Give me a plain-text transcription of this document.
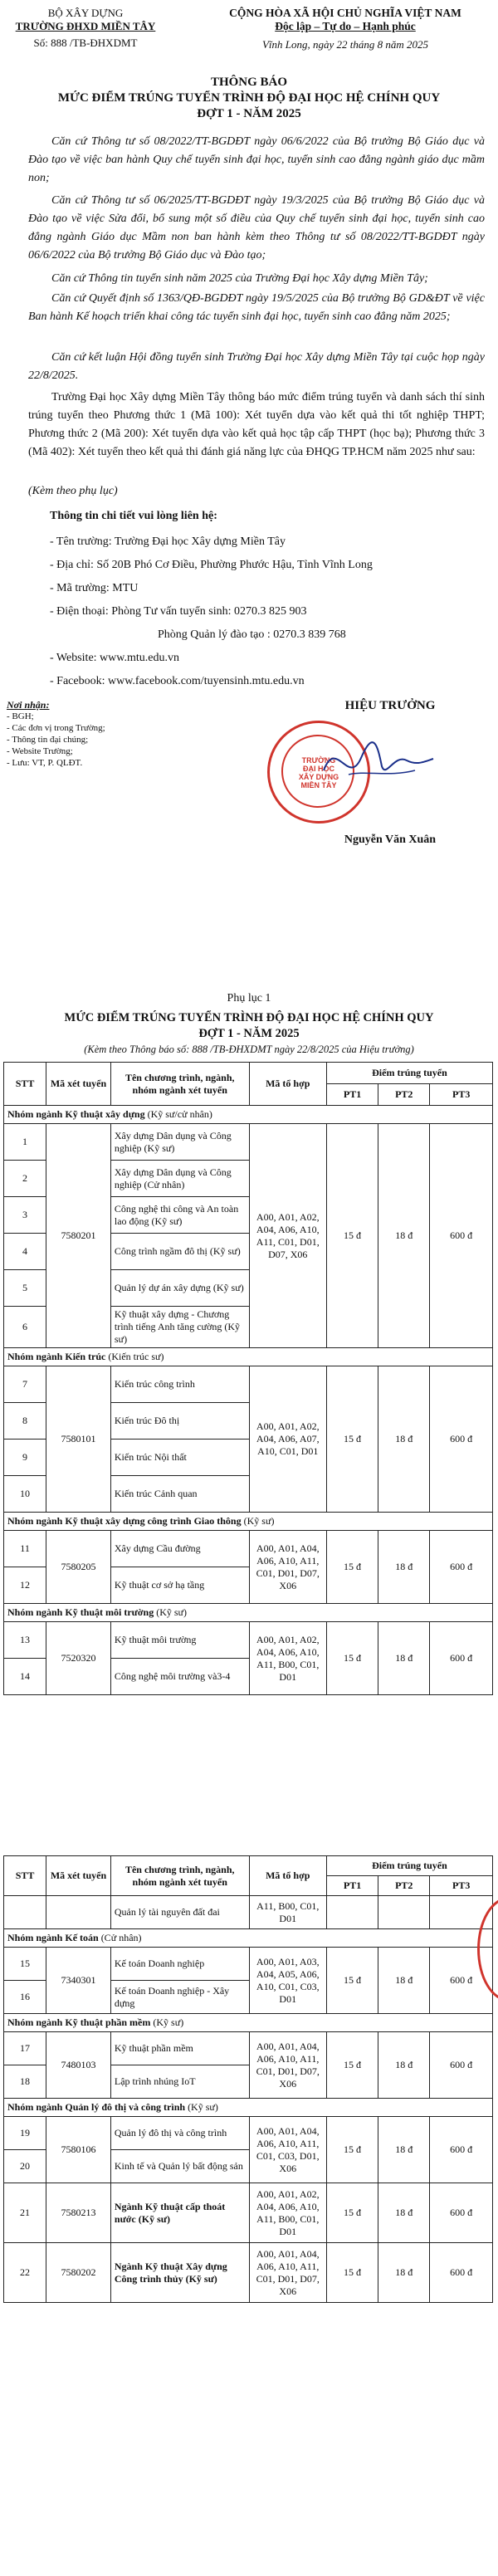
BỘ XÂY DỰNG
TRƯỜNG ĐHXD MIỀN TÂY
Số: 888 /TB-ĐHXDMT
CỘNG HÒA XÃ HỘI CHỦ NGHĨA VIỆT NAM
Độc lập – Tự do – Hạnh phúc
Vĩnh Long, ngày 22 tháng 8 năm 2025
THÔNG BÁO
MỨC ĐIỂM TRÚNG TUYỂN TRÌNH ĐỘ ĐẠI HỌC HỆ CHÍNH QUY
ĐỢT 1 - NĂM 2025
Căn cứ Thông tư số 08/2022/TT-BGDĐT ngày 06/6/2022 của Bộ trưởng Bộ Giáo dục và Đào tạo về việc ban hành Quy chế tuyển sinh đại học, tuyển sinh cao đẳng ngành giáo dục mầm non;
Căn cứ Thông tư số 06/2025/TT-BGDĐT ngày 19/3/2025 của Bộ trưởng Bộ Giáo dục và Đào tạo về việc Sửa đổi, bổ sung một số điều của Quy chế tuyển sinh đại học, tuyển sinh cao đẳng ngành Giáo dục Mầm non ban hành kèm theo Thông tư số 08/2022/TT-BGDĐT ngày 06/6/2022 của Bộ trưởng Bộ Giáo dục và Đào tạo;
Căn cứ Thông tin tuyển sinh năm 2025 của Trường Đại học Xây dựng Miền Tây;
Căn cứ Quyết định số 1363/QĐ-BGDĐT ngày 19/5/2025 của Bộ trưởng Bộ GD&ĐT về việc Ban hành Kế hoạch triển khai công tác tuyển sinh đại học, tuyển sinh cao đẳng năm 2025;
Căn cứ kết luận Hội đồng tuyển sinh Trường Đại học Xây dựng Miền Tây tại cuộc họp ngày 22/8/2025.
Trường Đại học Xây dựng Miền Tây thông báo mức điểm trúng tuyển và danh sách thí sinh trúng tuyển theo Phương thức 1 (Mã 100): Xét tuyển dựa vào kết quả thi tốt nghiệp THPT; Phương thức 2 (Mã 200): Xét tuyển dựa vào kết quả học tập cấp THPT (học bạ); Phương thức 3 (Mã 402): Xét tuyển theo kết quả thi đánh giá năng lực của ĐHQG TP.HCM năm 2025 như sau:
(Kèm theo phụ lục)
Thông tin chi tiết vui lòng liên hệ:
- Tên trường: Trường Đại học Xây dựng Miền Tây
- Địa chỉ: Số 20B Phó Cơ Điều, Phường Phước Hậu, Tỉnh Vĩnh Long
- Mã trường: MTU
- Điện thoại: Phòng Tư vấn tuyển sinh: 0270.3 825 903
Phòng Quản lý đào tạo : 0270.3 839 768
- Website: www.mtu.edu.vn
- Facebook: www.facebook.com/tuyensinh.mtu.edu.vn
Nơi nhận:
- BGH;
- Các đơn vị trong Trường;
- Thông tin đại chúng;
- Website Trường;
- Lưu: VT, P. QLĐT.
HIỆU TRƯỞNG
TRƯỜNG
ĐẠI HỌC
XÂY DỰNG
MIỀN TÂY
Nguyễn Văn Xuân
Phụ lục 1
MỨC ĐIỂM TRÚNG TUYỂN TRÌNH ĐỘ ĐẠI HỌC HỆ CHÍNH QUY
ĐỢT 1 - NĂM 2025
(Kèm theo Thông báo số: 888 /TB-ĐHXDMT ngày 22/8/2025 của Hiệu trưởng)
STT	Mã xét tuyển	Tên chương trình, ngành, nhóm ngành xét tuyển	Mã tổ hợp	Điểm trúng tuyển		
				PT1	PT2	PT3
Nhóm ngành Kỹ thuật xây dựng (Kỹ sư/cử nhân)						
1	7580201	Xây dựng Dân dụng và Công nghiệp (Kỹ sư)	A00, A01, A02, A04, A06, A10, A11, C01, D01, D07, X06	15 đ	18 đ	600 đ
2		Xây dựng Dân dụng và Công nghiệp (Cử nhân)				
3		Công nghệ thi công và An toàn lao động (Kỹ sư)				
4		Công trình ngầm đô thị (Kỹ sư)				
5		Quản lý dự án xây dựng (Kỹ sư)				
6		Kỹ thuật xây dựng - Chương trình tiếng Anh tăng cường (Kỹ sư)				
Nhóm ngành Kiến trúc (Kiến trúc sư)						
7	7580101	Kiến trúc công trình	A00, A01, A02, A04, A06, A07, A10, C01, D01	15 đ	18 đ	600 đ
8		Kiến trúc Đô thị				
9		Kiến trúc Nội thất				
10		Kiến trúc Cảnh quan				
Nhóm ngành Kỹ thuật xây dựng công trình Giao thông (Kỹ sư)						
11	7580205	Xây dựng Cầu đường	A00, A01, A04, A06, A10, A11, C01, D01, D07, X06	15 đ	18 đ	600 đ
12		Kỹ thuật cơ sở hạ tầng				
Nhóm ngành Kỹ thuật môi trường (Kỹ sư)						
13	7520320	Kỹ thuật môi trường	A00, A01, A02, A04, A06, A10, A11, B00, C01, D01	15 đ	18 đ	600 đ
14		Công nghệ môi trường và3-4				
STT	Mã xét tuyển	Tên chương trình, ngành, nhóm ngành xét tuyển	Mã tổ hợp	Điểm trúng tuyển		
				PT1	PT2	PT3
		Quản lý tài nguyên đất đai	A11, B00, C01, D01			
Nhóm ngành Kế toán (Cử nhân)						
15	7340301	Kế toán Doanh nghiệp	A00, A01, A03, A04, A05, A06, A10, C01, C03, D01	15 đ	18 đ	600 đ
16		Kế toán Doanh nghiệp - Xây dựng				
Nhóm ngành Kỹ thuật phần mềm (Kỹ sư)						
17	7480103	Kỹ thuật phần mềm	A00, A01, A04, A06, A10, A11, C01, D01, D07, X06	15 đ	18 đ	600 đ
18		Lập trình nhúng IoT				
Nhóm ngành Quản lý đô thị và công trình (Kỹ sư)						
19	7580106	Quản lý đô thị và công trình	A00, A01, A04, A06, A10, A11, C01, C03, D01, X06	15 đ	18 đ	600 đ
20		Kinh tế và Quản lý bất động sản				
21	7580213	Ngành Kỹ thuật cấp thoát nước (Kỹ sư)	A00, A01, A02, A04, A06, A10, A11, B00, C01, D01	15 đ	18 đ	600 đ
22	7580202	Ngành Kỹ thuật Xây dựng Công trình thủy (Kỹ sư)	A00, A01, A04, A06, A10, A11, C01, D01, D07, X06	15 đ	18 đ	600 đ
